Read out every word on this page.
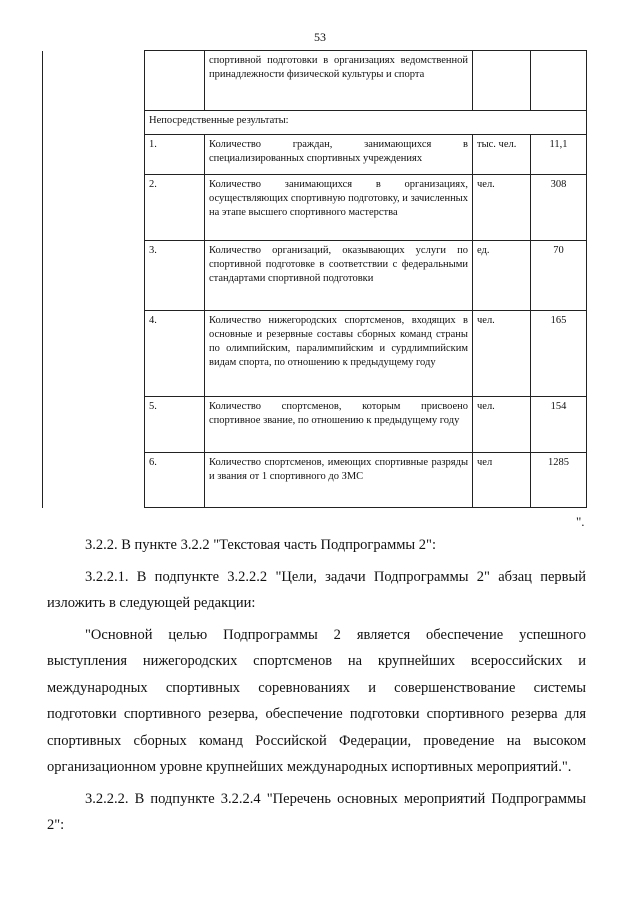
53
		спортивной подготовки в организациях ведомственной принадлежности физической культуры и спорта		
	Непосредственные результаты:			
	1.	Количество граждан, занимающихся в специализированных спортивных учреждениях	тыс. чел.	11,1
	2.	Количество занимающихся в организациях, осуществляющих спортивную подготовку, и зачисленных на этапе высшего спортивного мастерства	чел.	308
	3.	Количество организаций, оказывающих услуги по спортивной подготовке в соответствии с федеральными стандартами спортивной подготовки	ед.	70
	4.	Количество нижегородских спортсменов, входящих в основные и резервные составы сборных команд страны по олимпийским, паралимпийским и сурдлимпийским видам спорта, по отношению к предыдущему году	чел.	165
	5.	Количество спортсменов, которым присвоено спортивное звание, по отношению к предыдущему году	чел.	154
	6.	Количество спортсменов, имеющих спортивные разряды и звания от 1 спортивного до ЗМС	чел	1285
".

3.2.2. В пункте 3.2.2 "Текстовая часть Подпрограммы 2":

3.2.2.1. В подпункте 3.2.2.2 "Цели, задачи Подпрограммы 2" абзац первый изложить в следующей редакции:

"Основной целью Подпрограммы 2 является обеспечение успешного выступления нижегородских спортсменов на крупнейших всероссийских и международных спортивных соревнованиях и совершенствование системы подготовки спортивного резерва, обеспечение подготовки спортивного резерва для спортивных сборных команд Российской Федерации, проведение на высоком организационном уровне крупнейших международных испортивных мероприятий.".

3.2.2.2. В подпункте 3.2.2.4 "Перечень основных мероприятий Подпрограммы 2":
